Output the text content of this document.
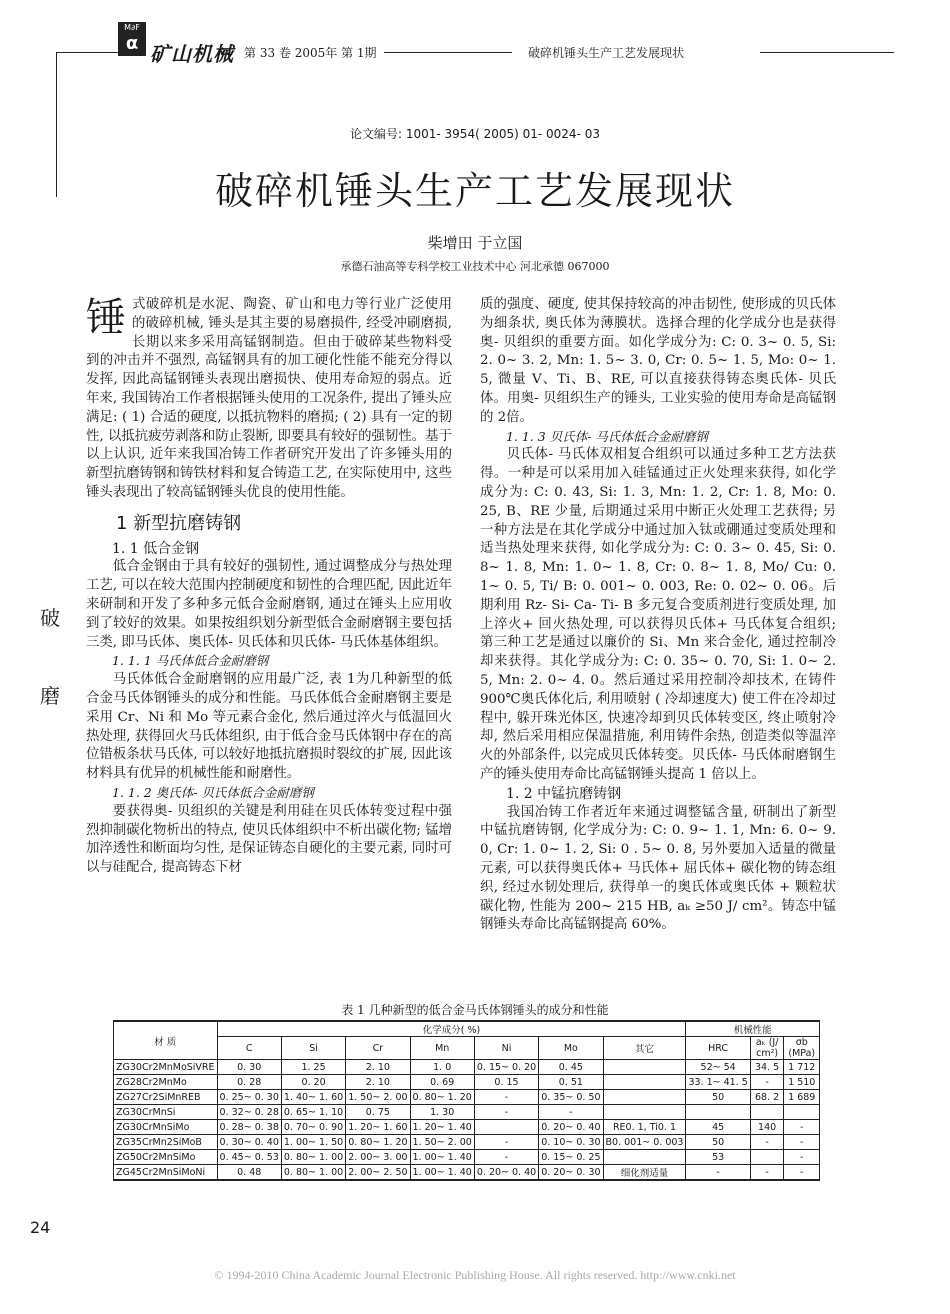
M∂F
α 矿山机械 第 33 卷 2005年 第 1期	破碎机锤头生产工艺发展现状
论文编号: 1001- 3954( 2005) 01- 0024- 03
破碎机锤头生产工艺发展现状
柴增田 于立国
承德石油高等专科学校工业技术中心 河北承德 067000
破
磨

锤式破碎机是水泥、陶瓷、矿山和电力等行业广泛使用的破碎机械, 锤头是其主要的易磨损件, 经受冲刷磨损, 长期以来多采用高锰钢制造。但由于破碎某些物料受到的冲击并不强烈, 高锰钢具有的加工硬化性能不能充分得以发挥, 因此高锰钢锤头表现出磨损快、使用寿命短的弱点。近年来, 我国铸冶工作者根据锤头使用的工况条件, 提出了锤头应满足: ( 1) 合适的硬度, 以抵抗物料的磨损; ( 2) 具有一定的韧性, 以抵抗疲劳剥落和防止裂断, 即要具有较好的强韧性。基于以上认识, 近年来我国冶铸工作者研究开发出了许多锤头用的新型抗磨铸钢和铸铁材料和复合铸造工艺, 在实际使用中, 这些锤头表现出了较高锰钢锤头优良的使用性能。

1 新型抗磨铸钢
1. 1 低合金钢

低合金钢由于具有较好的强韧性, 通过调整成分与热处理工艺, 可以在较大范围内控制硬度和韧性的合理匹配, 因此近年来研制和开发了多种多元低合金耐磨钢, 通过在锤头上应用收到了较好的效果。如果按组织划分新型低合金耐磨钢主要包括三类, 即马氏体、奥氏体- 贝氏体和贝氏体- 马氏体基体组织。

1. 1. 1 马氏体低合金耐磨钢

马氏体低合金耐磨钢的应用最广泛, 表 1为几种新型的低合金马氏体钢锤头的成分和性能。马氏体低合金耐磨钢主要是采用 Cr、Ni 和 Mo 等元素合金化, 然后通过淬火与低温回火热处理, 获得回火马氏体组织, 由于低合金马氏体钢中存在的高位错板条状马氏体, 可以较好地抵抗磨损时裂纹的扩展, 因此该材料具有优异的机械性能和耐磨性。

1. 1. 2 奥氏体- 贝氏体低合金耐磨钢

要获得奥- 贝组织的关键是利用硅在贝氏体转变过程中强烈抑制碳化物析出的特点, 使贝氏体组织中不析出碳化物; 锰增加淬透性和断面均匀性, 是保证铸态自硬化的主要元素, 同时可以与硅配合, 提高铸态下材

质的强度、硬度, 使其保持较高的冲击韧性, 使形成的贝氏体为细条状, 奥氏体为薄膜状。选择合理的化学成分也是获得奥- 贝组织的重要方面。如化学成分为: C: 0. 3~ 0. 5, Si: 2. 0~ 3. 2, Mn: 1. 5~ 3. 0, Cr: 0. 5~ 1. 5, Mo: 0~ 1. 5, 微量 V、Ti、B、RE, 可以直接获得铸态奥氏体- 贝氏体。用奥- 贝组织生产的锤头, 工业实验的使用寿命是高锰钢的 2倍。

1. 1. 3 贝氏体- 马氏体低合金耐磨钢

贝氏体- 马氏体双相复合组织可以通过多种工艺方法获得。一种是可以采用加入硅锰通过正火处理来获得, 如化学成分为: C: 0. 43, Si: 1. 3, Mn: 1. 2, Cr: 1. 8, Mo: 0. 25, B、RE 少量, 后期通过采用中断正火处理工艺获得; 另一种方法是在其化学成分中通过加入钛或硼通过变质处理和适当热处理来获得, 如化学成分为: C: 0. 3~ 0. 45, Si: 0. 8~ 1. 8, Mn: 1. 0~ 1. 8, Cr: 0. 8~ 1. 8, Mo/ Cu: 0. 1~ 0. 5, Ti/ B: 0. 001~ 0. 003, Re: 0. 02~ 0. 06。后期利用 Rz- Si- Ca- Ti- B 多元复合变质剂进行变质处理, 加上淬火+ 回火热处理, 可以获得贝氏体+ 马氏体复合组织; 第三种工艺是通过以廉价的 Si、Mn 来合金化, 通过控制冷却来获得。其化学成分为: C: 0. 35~ 0. 70, Si: 1. 0~ 2. 5, Mn: 2. 0~ 4. 0。然后通过采用控制冷却技术, 在铸件 900℃奥氏体化后, 利用喷射 ( 冷却速度大) 使工件在冷却过程中, 躲开珠光体区, 快速冷却到贝氏体转变区, 终止喷射冷却, 然后采用相应保温措施, 利用铸件余热, 创造类似等温淬火的外部条件, 以完成贝氏体转变。贝氏体- 马氏体耐磨钢生产的锤头使用寿命比高锰钢锤头提高 1 倍以上。

1. 2 中锰抗磨铸钢

我国冶铸工作者近年来通过调整锰含量, 研制出了新型中锰抗磨铸钢, 化学成分为: C: 0. 9~ 1. 1, Mn: 6. 0~ 9. 0, Cr: 1. 0~ 1. 2, Si: 0 . 5~ 0. 8, 另外要加入适量的微量元素, 可以获得奥氏体+ 马氏体+ 屈氏体+ 碳化物的铸态组织, 经过水韧处理后, 获得单一的奥氏体或奥氏体 + 颗粒状碳化物, 性能为 200~ 215 HB, aₖ ≥50 J/ cm²。铸态中锰钢锤头寿命比高锰钢提高 60%。

表 1 几种新型的低合金马氏体钢锤头的成分和性能
材 质	化学成分( %)							机械性能		
	C	Si	Cr	Mn	Ni	Mo	其它	HRC	aₖ (J/ cm²)	σb (MPa)
ZG30Cr2MnMoSiVRE	0. 30	1. 25	2. 10	1. 0	0. 15~ 0. 20	0. 45		52~ 54	34. 5	1 712
ZG28Cr2MnMo	0. 28	0. 20	2. 10	0. 69	0. 15	0. 51		33. 1~ 41. 5	-	1 510
ZG27Cr2SiMnREB	0. 25~ 0. 30	1. 40~ 1. 60	1. 50~ 2. 00	0. 80~ 1. 20	-	0. 35~ 0. 50		50	68. 2	1 689
ZG30CrMnSi	0. 32~ 0. 28	0. 65~ 1. 10	0. 75	1. 30	-	-				
ZG30CrMnSiMo	0. 28~ 0. 38	0. 70~ 0. 90	1. 20~ 1. 60	1. 20~ 1. 40		0. 20~ 0. 40	RE0. 1, Ti0. 1	45	140	-
ZG35CrMn2SiMoB	0. 30~ 0. 40	1. 00~ 1. 50	0. 80~ 1. 20	1. 50~ 2. 00	-	0. 10~ 0. 30	B0. 001~ 0. 003	50	-	-
ZG50Cr2MnSiMo	0. 45~ 0. 53	0. 80~ 1. 00	2. 00~ 3. 00	1. 00~ 1. 40	-	0. 15~ 0. 25		53		-
ZG45Cr2MnSiMoNi	0. 48	0. 80~ 1. 00	2. 00~ 2. 50	1. 00~ 1. 40	0. 20~ 0. 40	0. 20~ 0. 30	细化剂适量	-	-	-
24
© 1994-2010 China Academic Journal Electronic Publishing House. All rights reserved. http://www.cnki.net
